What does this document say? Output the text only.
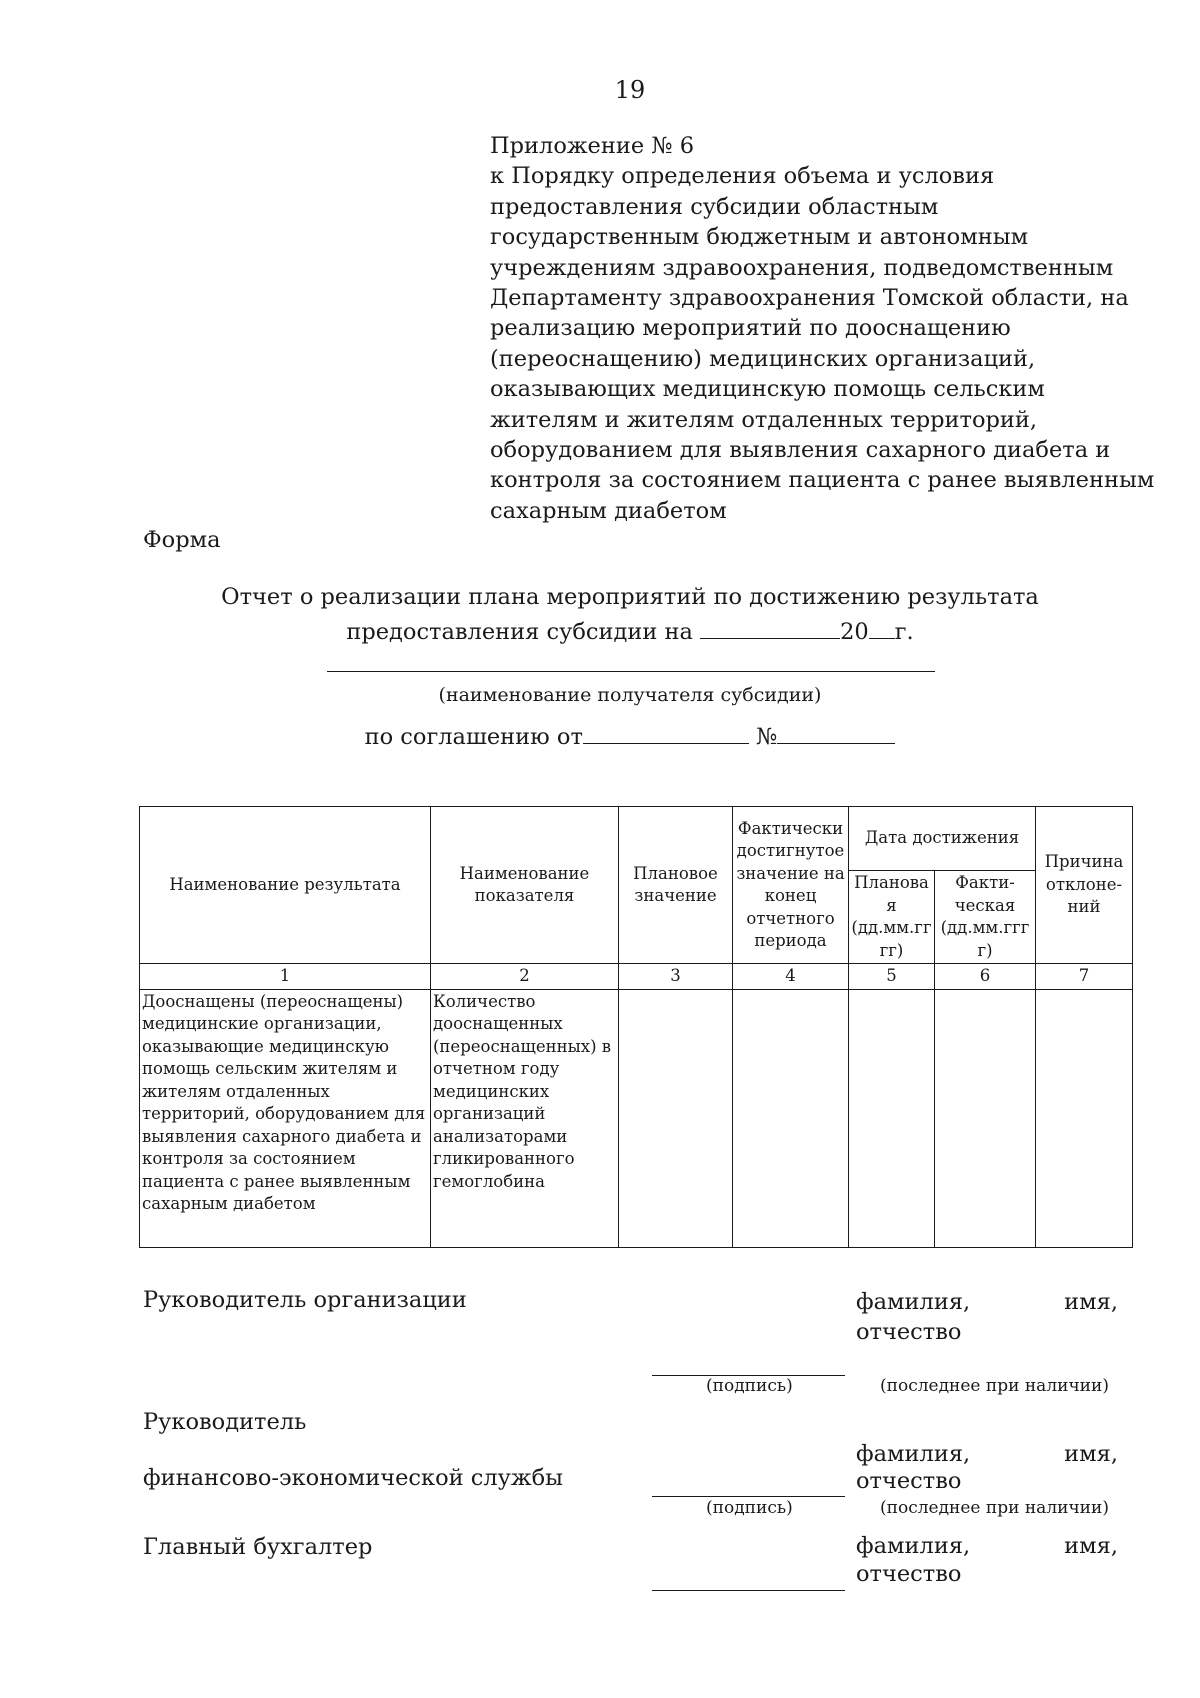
19
Приложение № 6
к Порядку определения объема и условия
предоставления субсидии областным
государственным бюджетным и автономным
учреждениям здравоохранения, подведомственным
Департаменту здравоохранения Томской области, на
реализацию мероприятий по дооснащению
(переоснащению) медицинских организаций,
оказывающих медицинскую помощь сельским
жителям и жителям отдаленных территорий,
оборудованием для выявления сахарного диабета и
контроля за состоянием пациента с ранее выявленным
сахарным диабетом
Форма
Отчет о реализации плана мероприятий по достижению результата
предоставления субсидии на	20 г.
(наименование получателя субсидии)
по соглашению от	№
Наименование результата	Наименование показателя	Плановое значение	Фактически достигнутое значение на конец отчетного периода	Дата достижения		Причина отклоне- ний
				Планова я (дд.мм.гг гг)	Факти- ческая (дд.мм.ггг г)	
1	2	3	4	5	6	7
Дооснащены (переоснащены) медицинские организации, оказывающие медицинскую помощь сельским жителям и жителям отдаленных территорий, оборудованием для выявления сахарного диабета и контроля за состоянием пациента с ранее выявленным сахарным диабетом	Количество дооснащенных (переоснащенных) в отчетном году медицинских организаций анализаторами гликированного гемоглобина					
Руководитель организации	фамилия,	имя,
отчество
(подпись)	(последнее при наличии)
Руководитель
финансово-экономической службы
фамилия,	имя,
отчество
(подпись)	(последнее при наличии)
Главный бухгалтер	фамилия,	имя,
отчество
